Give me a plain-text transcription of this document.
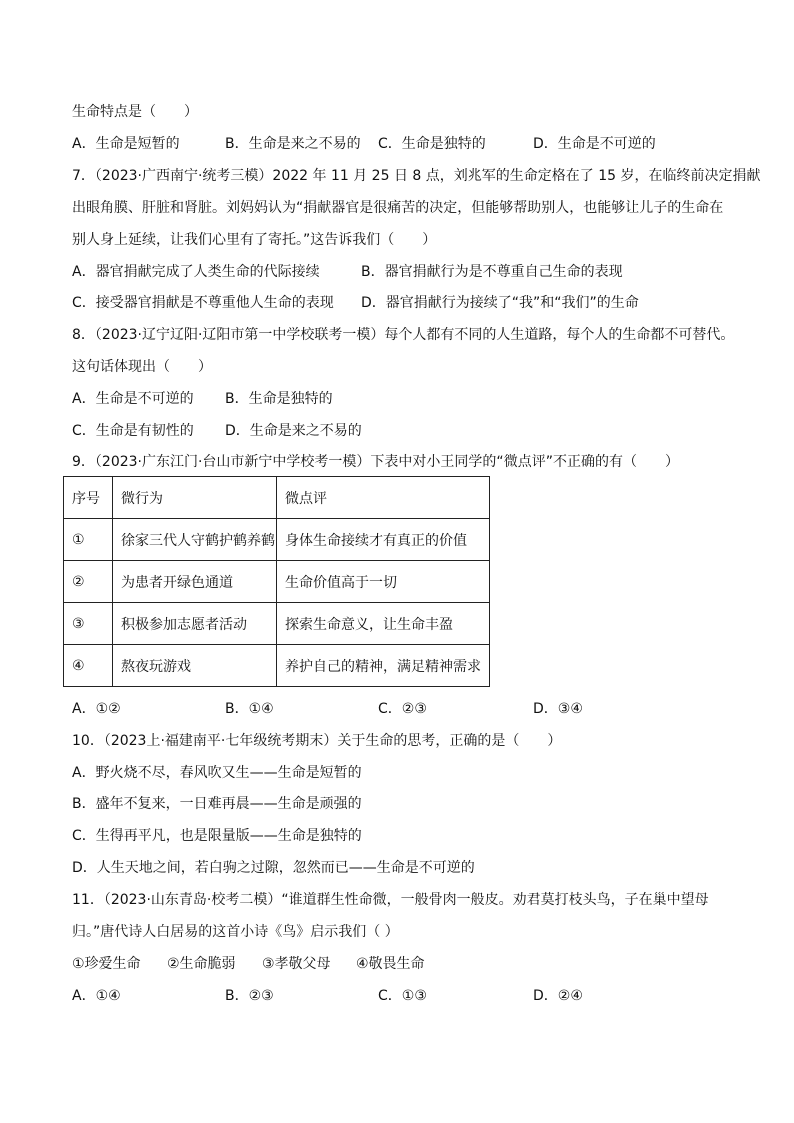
生命特点是（　　）
A．生命是短暂的	B．生命是来之不易的 C．生命是独特的	D．生命是不可逆的
7．（2023·广西南宁·统考三模）2022 年 11 月 25 日 8 点，刘兆军的生命定格在了 15 岁，在临终前决定捐献
出眼角膜、肝脏和肾脏。刘妈妈认为“捐献器官是很痛苦的决定，但能够帮助别人，也能够让儿子的生命在
别人身上延续，让我们心里有了寄托。”这告诉我们（　　）
A．器官捐献完成了人类生命的代际接续	B．器官捐献行为是不尊重自己生命的表现
C．接受器官捐献是不尊重他人生命的表现 D．器官捐献行为接续了“我”和“我们”的生命
8．（2023·辽宁辽阳·辽阳市第一中学校联考一模）每个人都有不同的人生道路，每个人的生命都不可替代。
这句话体现出（　　）
A．生命是不可逆的 B．生命是独特的
C．生命是有韧性的 D．生命是来之不易的
9．（2023·广东江门·台山市新宁中学校考一模）下表中对小王同学的“微点评”不正确的有（　　）
序号	微行为	微点评
①	徐家三代人守鹤护鹤养鹤	身体生命接续才有真正的价值
②	为患者开绿色通道	生命价值高于一切
③	积极参加志愿者活动	探索生命意义，让生命丰盈
④	熬夜玩游戏	养护自己的精神，满足精神需求
A．①②	B．①④	C．②③	D．③④
10．（2023上·福建南平·七年级统考期末）关于生命的思考，正确的是（　　）
A．野火烧不尽，春风吹又生——生命是短暂的
B．盛年不复来，一日难再晨——生命是顽强的
C．生得再平凡，也是限量版——生命是独特的
D．人生天地之间，若白驹之过隙，忽然而已——生命是不可逆的
11．（2023·山东青岛·校考二模）“谁道群生性命微，一般骨肉一般皮。劝君莫打枝头鸟，子在巢中望母
归。”唐代诗人白居易的这首小诗《鸟》启示我们（ ）
①珍爱生命 ②生命脆弱 ③孝敬父母 ④敬畏生命
A．①④	B．②③	C．①③	D．②④
